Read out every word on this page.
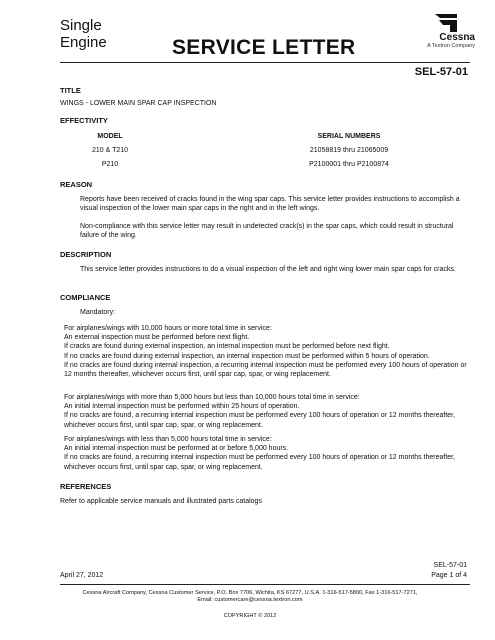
Single
Engine	SERVICE LETTER	Cessna
A Textron Company
SEL-57-01
TITLE
WINGS - LOWER MAIN SPAR CAP INSPECTION
EFFECTIVITY
MODEL	SERIAL NUMBERS
210 & T210	21058819 thru 21065009
P210	P2100001 thru P2100874
REASON
Reports have been received of cracks found in the wing spar caps. This service letter provides instructions to accomplish a visual inspection of the lower main spar caps in the right and in the left wings.
Non-compliance with this service letter may result in undetected crack(s) in the spar caps, which could result in structural failure of the wing.
DESCRIPTION
This service letter provides instructions to do a visual inspection of the left and right wing lower main spar caps for cracks.
COMPLIANCE
Mandatory:
For airplanes/wings with 10,000 hours or more total time in service:
An external inspection must be performed before next flight.
If cracks are found during external inspection, an internal inspection must be performed before next flight.
If no cracks are found during external inspection, an internal inspection must be performed within 5 hours of operation.
If no cracks are found during internal inspection, a recurring internal inspection must be performed every 100 hours of operation or 12 months thereafter, whichever occurs first, until spar cap, spar, or wing replacement.
For airplanes/wings with more than 5,000 hours but less than 10,000 hours total time in service:
An initial internal inspection must be performed within 25 hours of operation.
If no cracks are found, a recurring internal inspection must be performed every 100 hours of operation or 12 months thereafter, whichever occurs first, until spar cap, spar, or wing replacement.
For airplanes/wings with less than 5,000 hours total time in service:
An initial internal inspection must be performed at or before 5,000 hours.
If no cracks are found, a recurring internal inspection must be performed every 100 hours of operation or 12 months thereafter, whichever occurs first, until spar cap, spar, or wing replacement.
REFERENCES
Refer to applicable service manuals and illustrated parts catalogs
SEL-57-01
April 27, 2012	Page 1 of 4
Cessna Aircraft Company, Cessna Customer Service, P.O. Box 7706, Wichita, KS 67277, U.S.A. 1-316-517-5800, Fax 1-316-517-7271,
Email: customercare@cessna.textron.com
COPYRIGHT © 2012
